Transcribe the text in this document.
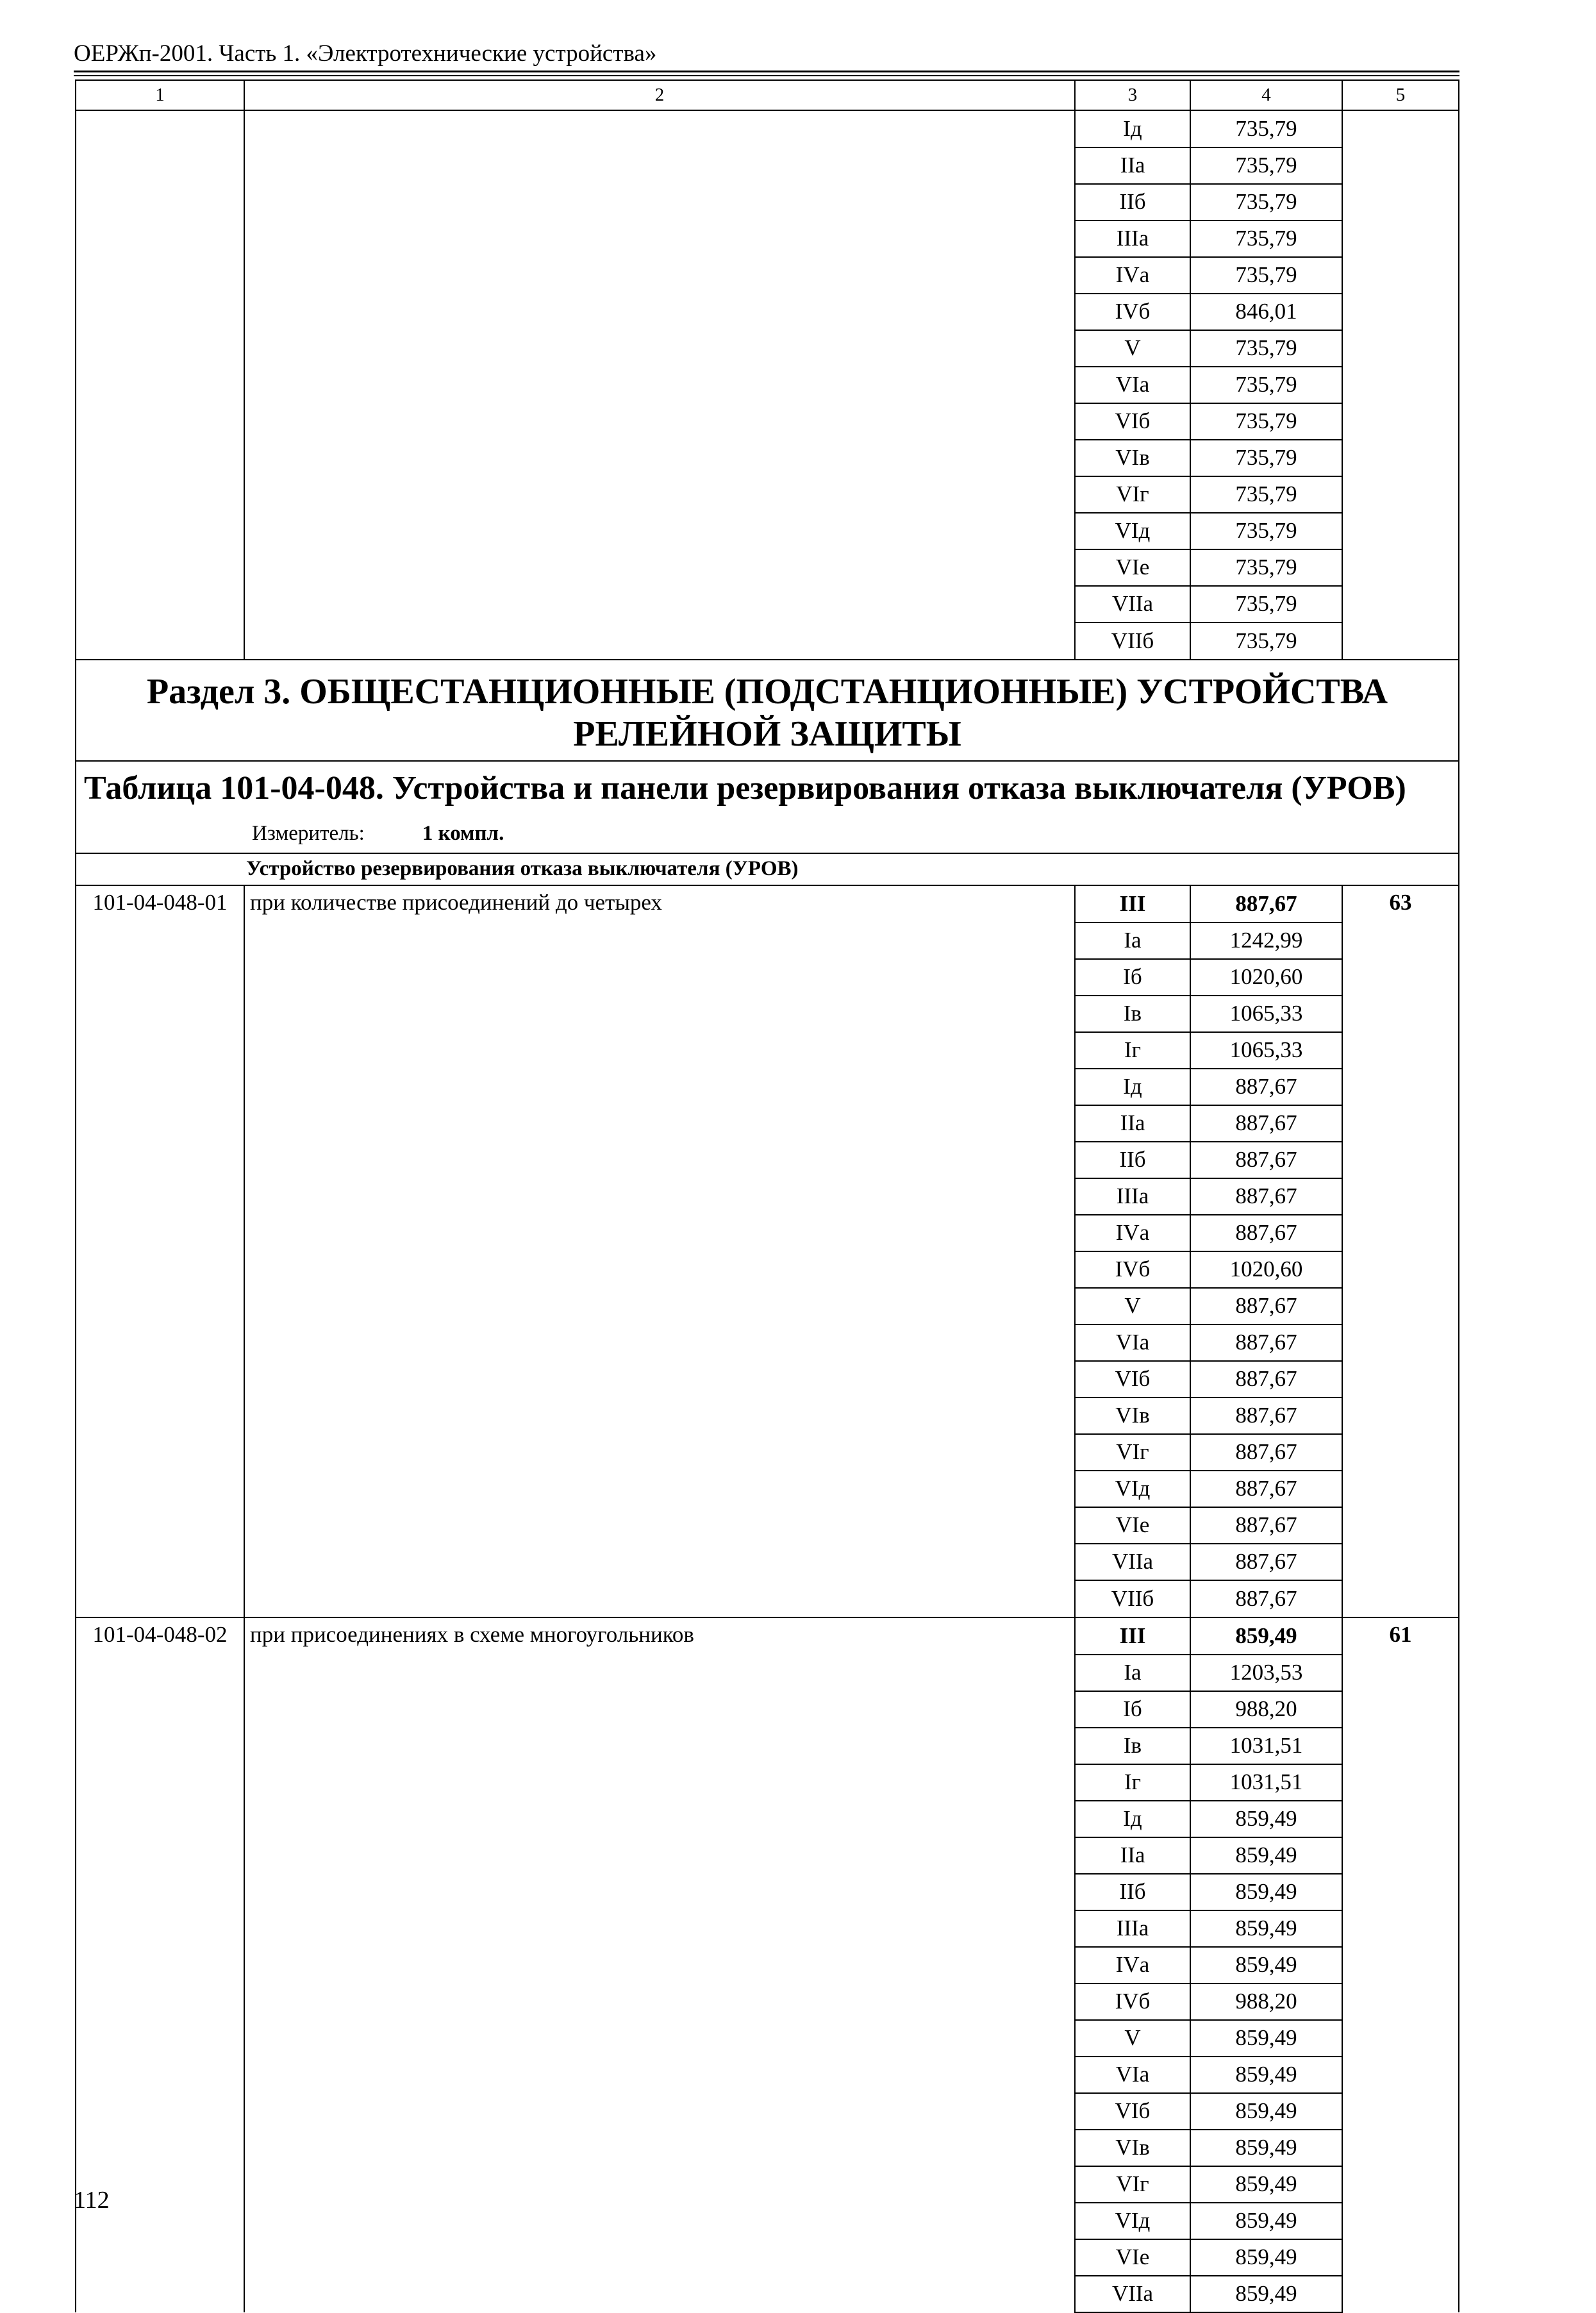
ОЕРЖп-2001. Часть 1. «Электротехнические устройства»
1	2	3	4	5
		Iд	735,79	
		IIа	735,79	
		IIб	735,79	
		IIIа	735,79	
		IVа	735,79	
		IVб	846,01	
		V	735,79	
		VIа	735,79	
		VIб	735,79	
		VIв	735,79	
		VIг	735,79	
		VIд	735,79	
		VIе	735,79	
		VIIа	735,79	
		VIIб	735,79	

Раздел 3. ОБЩЕСТАНЦИОННЫЕ (ПОДСТАНЦИОННЫЕ) УСТРОЙСТВА РЕЛЕЙНОЙ ЗАЩИТЫ				

Таблица 101-04-048. Устройства и панели резервирования отказа выключателя (УРОВ)
Измеритель: 1 компл.				

Устройство резервирования отказа выключателя (УРОВ)				
101-04-048-01	при количестве присоединений до четырех	III	887,67	63
		Iа	1242,99	
		Iб	1020,60	
		Iв	1065,33	
		Iг	1065,33	
		Iд	887,67	
		IIа	887,67	
		IIб	887,67	
		IIIа	887,67	
		IVа	887,67	
		IVб	1020,60	
		V	887,67	
		VIа	887,67	
		VIб	887,67	
		VIв	887,67	
		VIг	887,67	
		VIд	887,67	
		VIе	887,67	
		VIIа	887,67	
		VIIб	887,67	
101-04-048-02	при присоединениях в схеме многоугольников	III	859,49	61
		Iа	1203,53	
		Iб	988,20	
		Iв	1031,51	
		Iг	1031,51	
		Iд	859,49	
		IIа	859,49	
		IIб	859,49	
		IIIа	859,49	
		IVа	859,49	
		IVб	988,20	
		V	859,49	
		VIа	859,49	
		VIб	859,49	
		VIв	859,49	
		VIг	859,49	
		VIд	859,49	
		VIе	859,49	
		VIIа	859,49	
112
